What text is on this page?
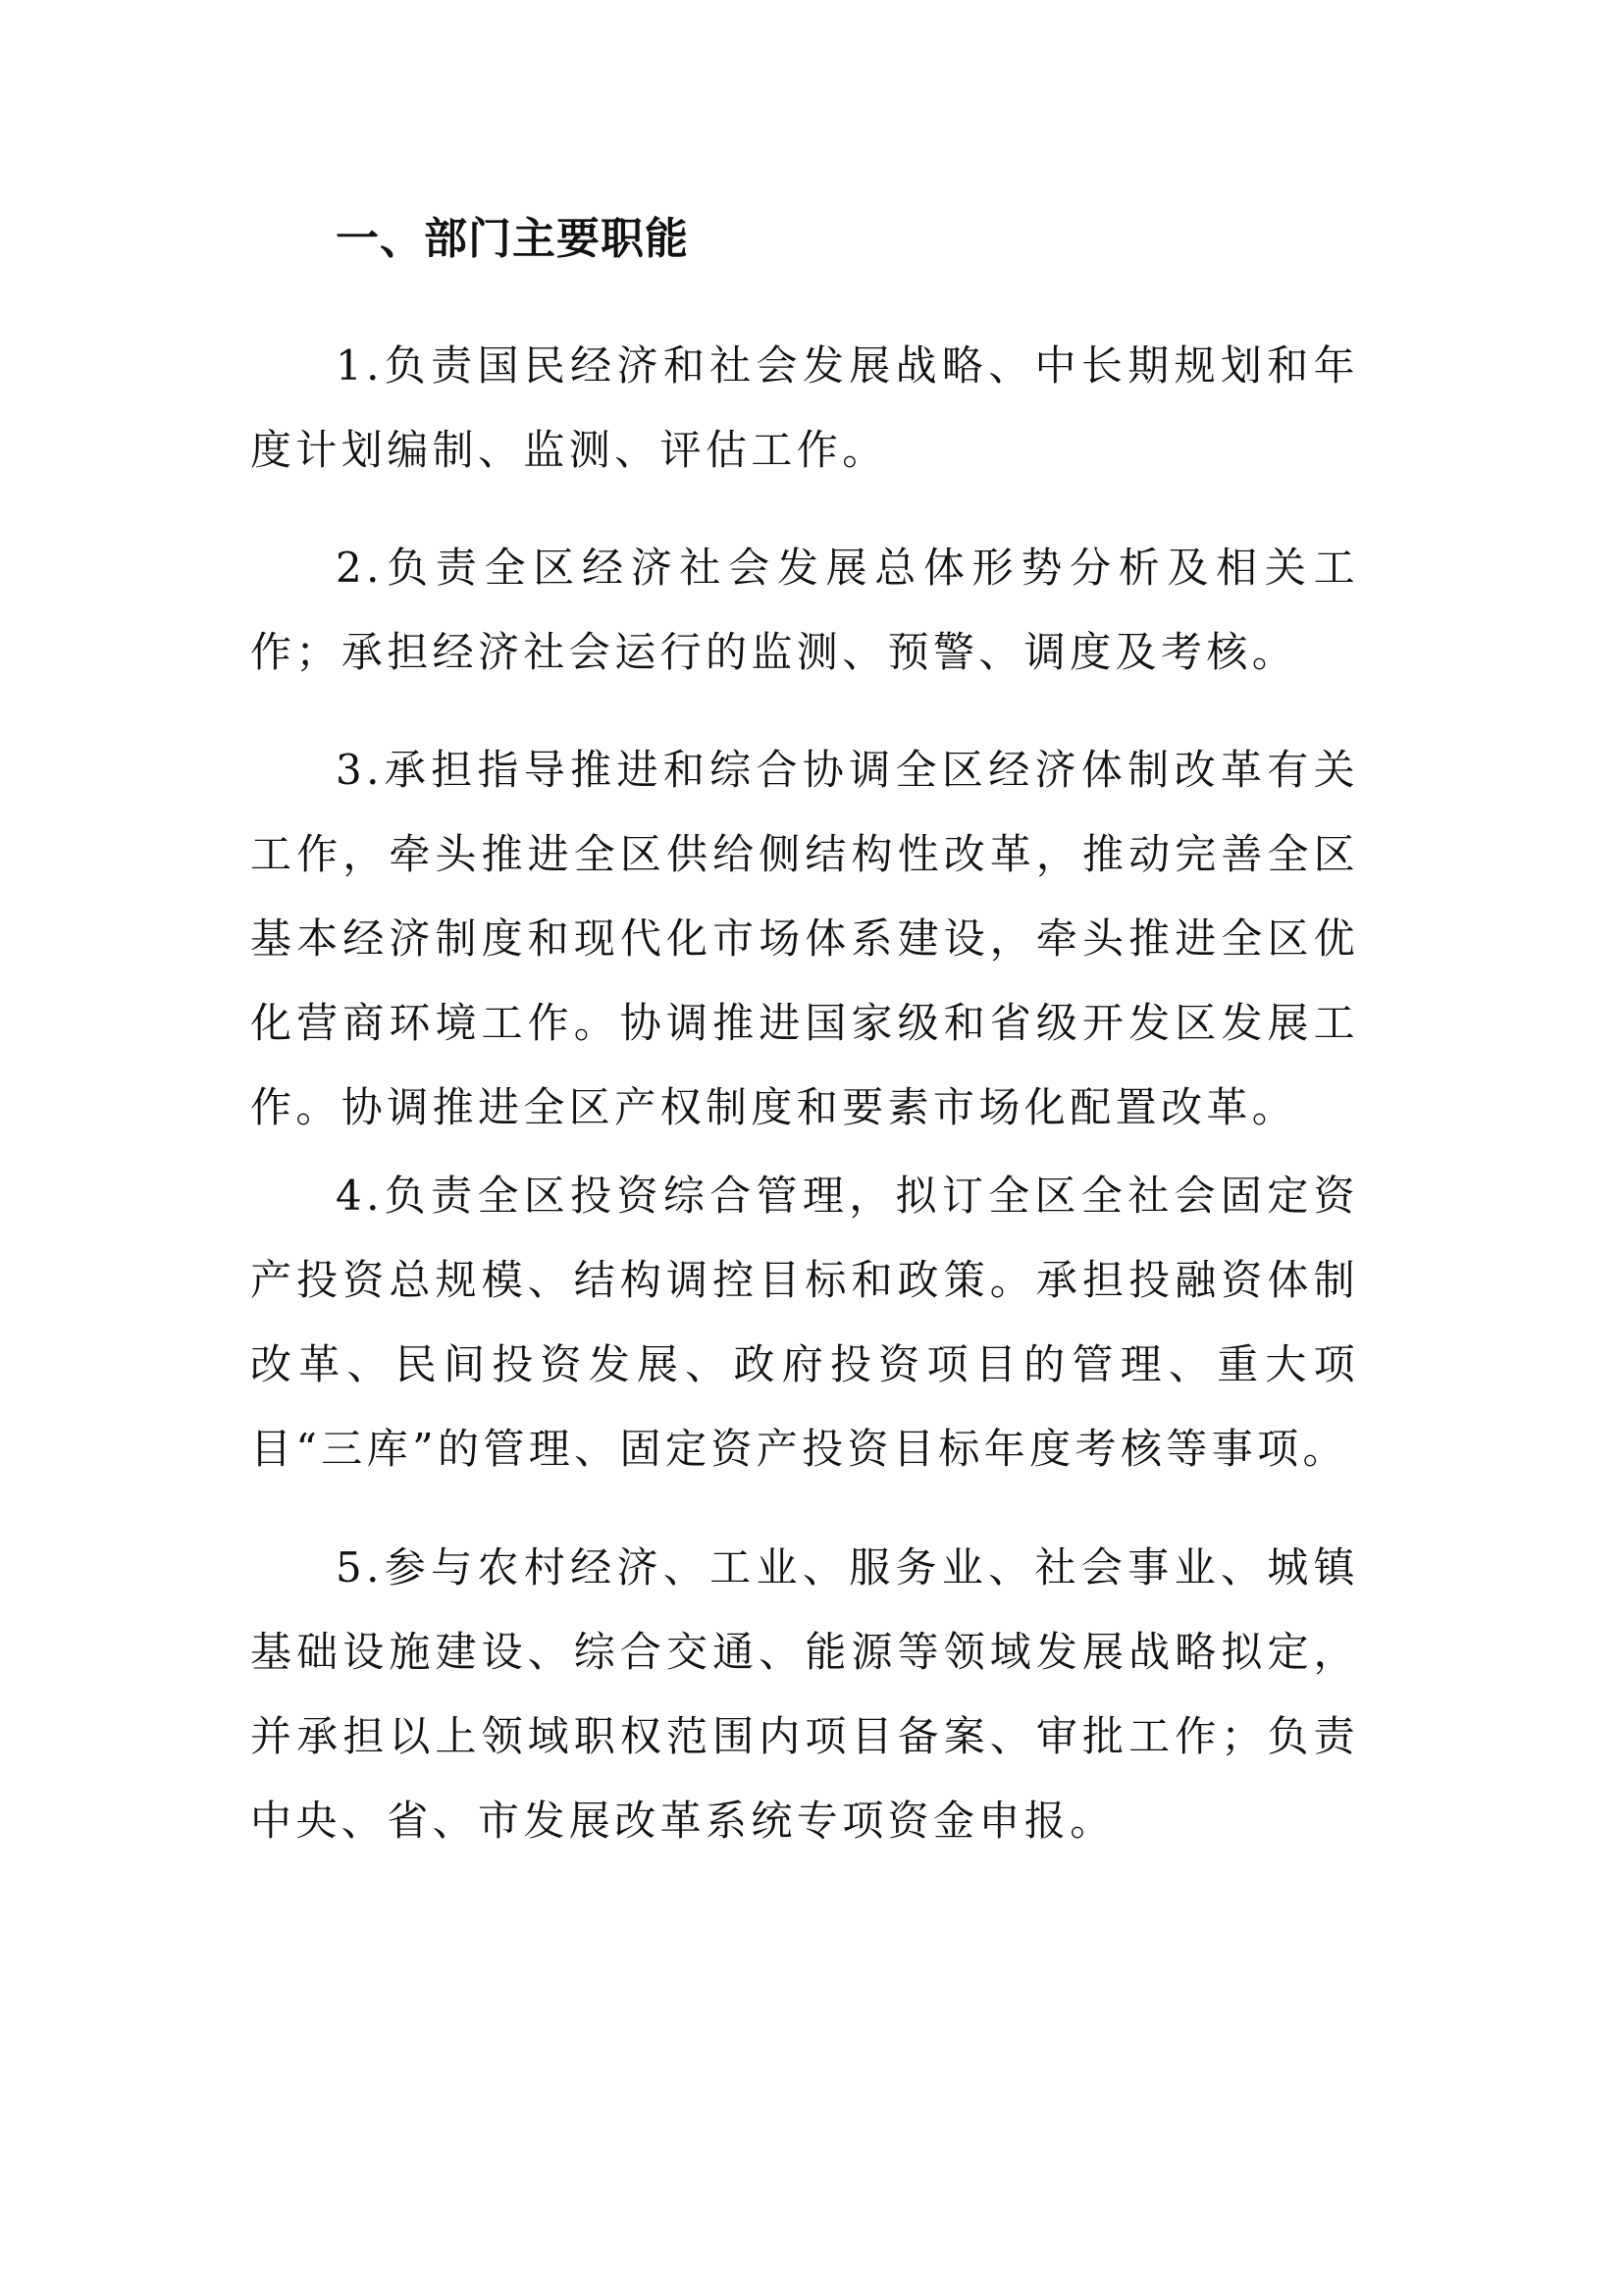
一、部门主要职能

1.负责国民经济和社会发展战略、中长期规划和年度计划编制、监测、评估工作。

2.负责全区经济社会发展总体形势分析及相关工作；承担经济社会运行的监测、预警、调度及考核。

3.承担指导推进和综合协调全区经济体制改革有关工作，牵头推进全区供给侧结构性改革，推动完善全区基本经济制度和现代化市场体系建设，牵头推进全区优化营商环境工作。协调推进国家级和省级开发区发展工作。协调推进全区产权制度和要素市场化配置改革。

4.负责全区投资综合管理，拟订全区全社会固定资产投资总规模、结构调控目标和政策。承担投融资体制改革、民间投资发展、政府投资项目的管理、重大项目“三库”的管理、固定资产投资目标年度考核等事项。

5.参与农村经济、工业、服务业、社会事业、城镇基础设施建设、综合交通、能源等领域发展战略拟定，并承担以上领域职权范围内项目备案、审批工作；负责中央、省、市发展改革系统专项资金申报。
